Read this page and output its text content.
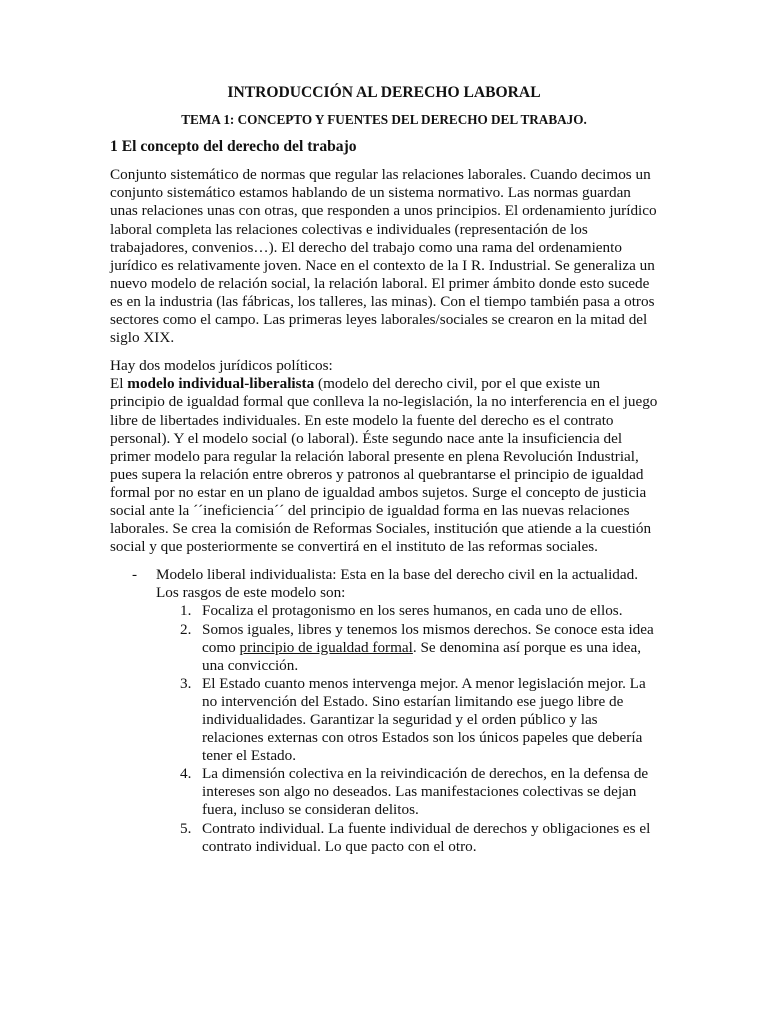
INTRODUCCIÓN AL DERECHO LABORAL
TEMA 1: CONCEPTO Y FUENTES DEL DERECHO DEL TRABAJO.
1 El concepto del derecho del trabajo

Conjunto sistemático de normas que regular las relaciones laborales. Cuando decimos un conjunto sistemático estamos hablando de un sistema normativo. Las normas guardan unas relaciones unas con otras, que responden a unos principios. El ordenamiento jurídico laboral completa las relaciones colectivas e individuales (representación de los trabajadores, convenios…). El derecho del trabajo como una rama del ordenamiento jurídico es relativamente joven. Nace en el contexto de la I R. Industrial. Se generaliza un nuevo modelo de relación social, la relación laboral. El primer ámbito donde esto sucede es en la industria (las fábricas, los talleres, las minas). Con el tiempo también pasa a otros sectores como el campo. Las primeras leyes laborales/sociales se crearon en la mitad del siglo XIX.

Hay dos modelos jurídicos políticos:

El modelo individual-liberalista (modelo del derecho civil, por el que existe un principio de igualdad formal que conlleva la no-legislación, la no interferencia en el juego libre de libertades individuales. En este modelo la fuente del derecho es el contrato personal). Y el modelo social (o laboral). Éste segundo nace ante la insuficiencia del primer modelo para regular la relación laboral presente en plena Revolución Industrial, pues supera la relación entre obreros y patronos al quebrantarse el principio de igualdad formal por no estar en un plano de igualdad ambos sujetos. Surge el concepto de justicia social ante la ´´ineficiencia´´ del principio de igualdad forma en las nuevas relaciones laborales. Se crea la comisión de Reformas Sociales, institución que atiende a la cuestión social y que posteriormente se convertirá en el instituto de las reformas sociales.

- Modelo liberal individualista: Esta en la base del derecho civil en la actualidad. Los rasgos de este modelo son:
1. Focaliza el protagonismo en los seres humanos, en cada uno de ellos.
2. Somos iguales, libres y tenemos los mismos derechos. Se conoce esta idea como principio de igualdad formal. Se denomina así porque es una idea, una convicción.
3. El Estado cuanto menos intervenga mejor. A menor legislación mejor. La no intervención del Estado. Sino estarían limitando ese juego libre de individualidades. Garantizar la seguridad y el orden público y las relaciones externas con otros Estados son los únicos papeles que debería tener el Estado.
4. La dimensión colectiva en la reivindicación de derechos, en la defensa de intereses son algo no deseados. Las manifestaciones colectivas se dejan fuera, incluso se consideran delitos.
5. Contrato individual. La fuente individual de derechos y obligaciones es el contrato individual. Lo que pacto con el otro.
